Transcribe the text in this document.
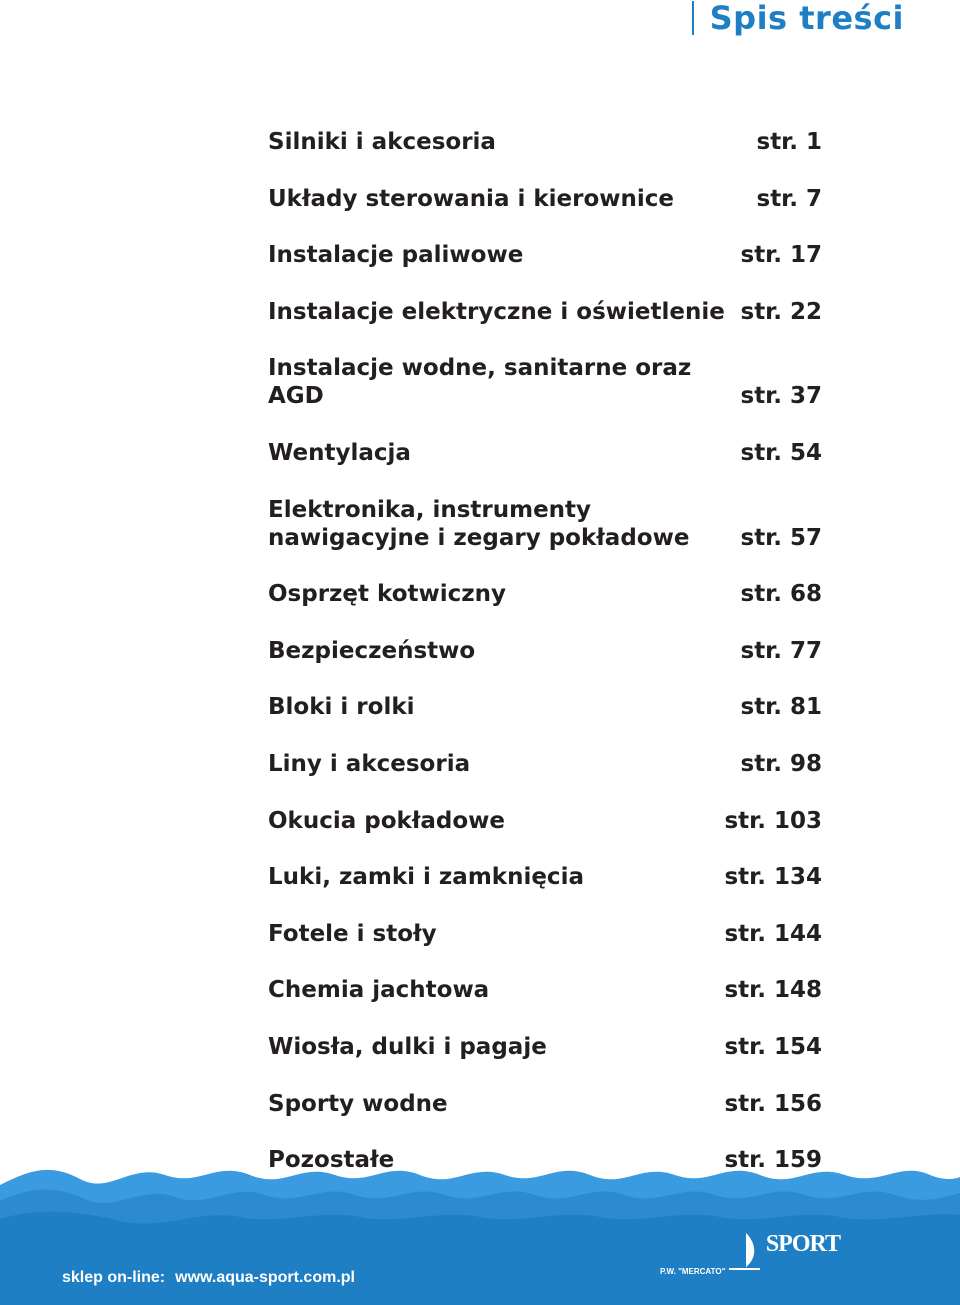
Spis treści
Silniki i akcesoria	str. 1
Układy sterowania i kierownice	str. 7
Instalacje paliwowe	str. 17
Instalacje elektryczne i oświetlenie str. 22
Instalacje wodne, sanitarne oraz AGD	str. 37
Wentylacja	str. 54
Elektronika, instrumenty nawigacyjne i zegary pokładowe	str. 57
Osprzęt kotwiczny	str. 68
Bezpieczeństwo	str. 77
Bloki i rolki	str. 81
Liny i akcesoria	str. 98
Okucia pokładowe	str. 103
Luki, zamki i zamknięcia	str. 134
Fotele i stoły	str. 144
Chemia jachtowa	str. 148
Wiosła, dulki i pagaje	str. 154
Sporty wodne	str. 156
Pozostałe	str. 159
sklep on-line: www.aqua-sport.com.pl
AQUA SPORT
P.W. "MERCATO"
